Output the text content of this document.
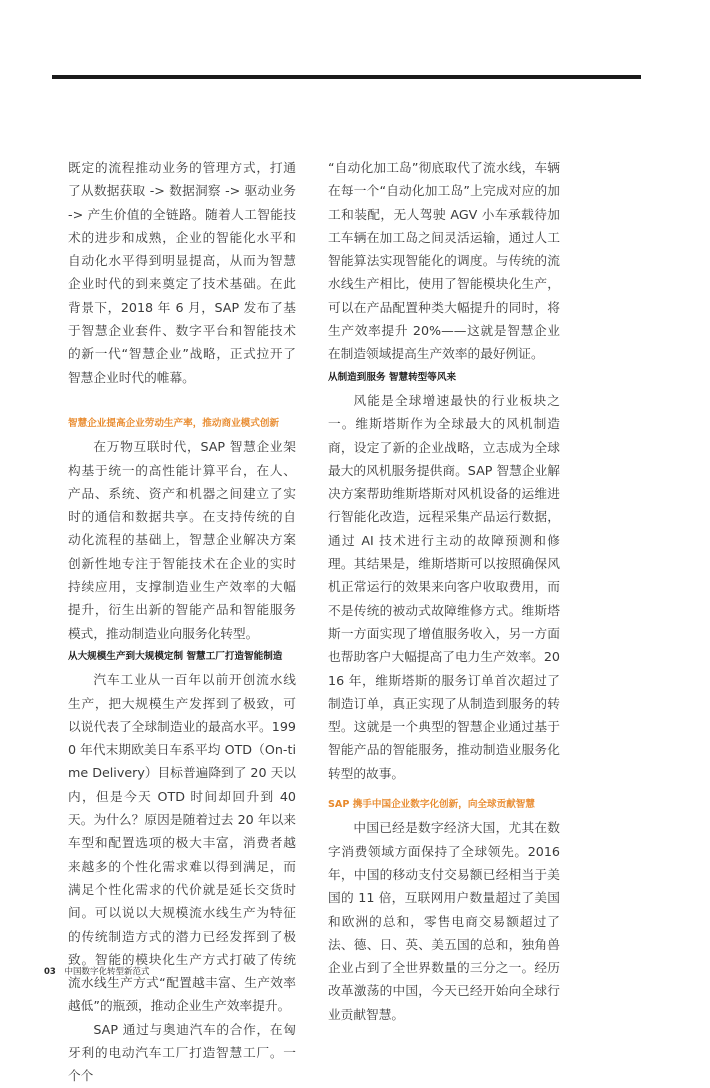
既定的流程推动业务的管理方式，打通了从数据获取 -> 数据洞察 -> 驱动业务 -> 产生价值的全链路。随着人工智能技术的进步和成熟，企业的智能化水平和自动化水平得到明显提高，从而为智慧企业时代的到来奠定了技术基础。在此背景下，2018 年 6 月，SAP 发布了基于智慧企业套件、数字平台和智能技术的新一代“智慧企业”战略，正式拉开了智慧企业时代的帷幕。

智慧企业提高企业劳动生产率，推动商业模式创新

在万物互联时代，SAP 智慧企业架构基于统一的高性能计算平台，在人、产品、系统、资产和机器之间建立了实时的通信和数据共享。在支持传统的自动化流程的基础上，智慧企业解决方案创新性地专注于智能技术在企业的实时持续应用，支撑制造业生产效率的大幅提升，衍生出新的智能产品和智能服务模式，推动制造业向服务化转型。

从大规模生产到大规模定制 智慧工厂打造智能制造

汽车工业从一百年以前开创流水线生产，把大规模生产发挥到了极致，可以说代表了全球制造业的最高水平。1990 年代末期欧美日车系平均 OTD（On-time Delivery）目标普遍降到了 20 天以内，但是今天 OTD 时间却回升到 40 天。为什么？原因是随着过去 20 年以来车型和配置选项的极大丰富，消费者越来越多的个性化需求难以得到满足，而满足个性化需求的代价就是延长交货时间。可以说以大规模流水线生产为特征的传统制造方式的潜力已经发挥到了极致。智能的模块化生产方式打破了传统流水线生产方式“配置越丰富、生产效率越低”的瓶颈，推动企业生产效率提升。

SAP 通过与奥迪汽车的合作，在匈牙利的电动汽车工厂打造智慧工厂。一个个

“自动化加工岛”彻底取代了流水线，车辆在每一个“自动化加工岛”上完成对应的加工和装配，无人驾驶 AGV 小车承载待加工车辆在加工岛之间灵活运输，通过人工智能算法实现智能化的调度。与传统的流水线生产相比，使用了智能模块化生产，可以在产品配置种类大幅提升的同时，将生产效率提升 20%——这就是智慧企业在制造领域提高生产效率的最好例证。

从制造到服务 智慧转型等风来

风能是全球增速最快的行业板块之一。维斯塔斯作为全球最大的风机制造商，设定了新的企业战略，立志成为全球最大的风机服务提供商。SAP 智慧企业解决方案帮助维斯塔斯对风机设备的运维进行智能化改造，远程采集产品运行数据，通过 AI 技术进行主动的故障预测和修理。其结果是，维斯塔斯可以按照确保风机正常运行的效果来向客户收取费用，而不是传统的被动式故障维修方式。维斯塔斯一方面实现了增值服务收入，另一方面也帮助客户大幅提高了电力生产效率。2016 年，维斯塔斯的服务订单首次超过了制造订单，真正实现了从制造到服务的转型。这就是一个典型的智慧企业通过基于智能产品的智能服务，推动制造业服务化转型的故事。

SAP 携手中国企业数字化创新，向全球贡献智慧

中国已经是数字经济大国，尤其在数字消费领域方面保持了全球领先。2016 年，中国的移动支付交易额已经相当于美国的 11 倍，互联网用户数量超过了美国和欧洲的总和，零售电商交易额超过了法、德、日、英、美五国的总和，独角兽企业占到了全世界数量的三分之一。经历改革激荡的中国，今天已经开始向全球行业贡献智慧。

03 中国数字化转型新范式
